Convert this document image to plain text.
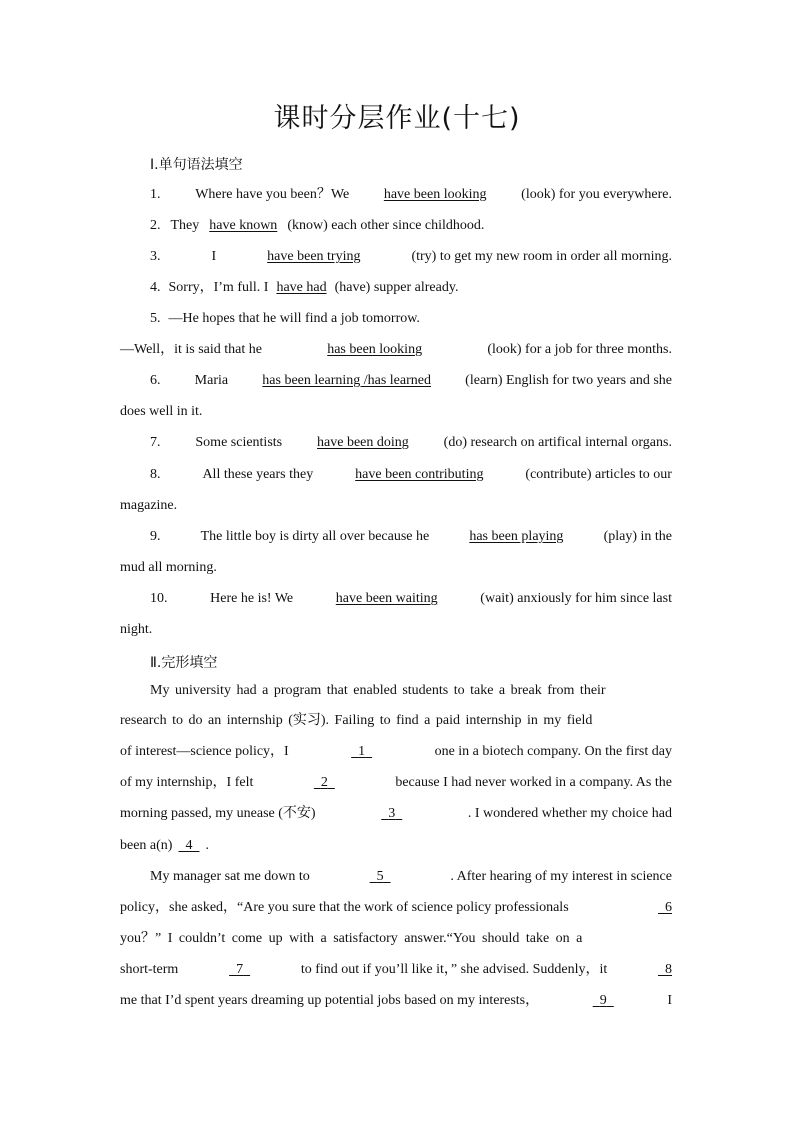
课时分层作业(十七)
Ⅰ.单句语法填空
1. Where have you been？We have been looking (look) for you everywhere.
2. They have known (know) each other since childhood.
3.	I	have been trying	(try) to get my new room in order all morning.
4. Sorry，I’m full. I have had (have) supper already.
5. —He hopes that he will find a job tomorrow.
—Well，it is said that he	has been looking	(look) for a job for three months.
6. Maria has been learning /has learned (learn) English for two years and she
does well in it.
7. Some scientists have been doing (do) research on artifical internal organs.
8.	All these years they	have been contributing	(contribute) articles to our
magazine.
9.	The little boy is dirty all over because he	has been playing	(play) in the
mud all morning.
10.	Here he is! We	have been waiting	(wait) anxiously for him since last
night.
Ⅱ.完形填空
My university had a program that enabled students to take a break from their
research to do an internship (实习). Failing to find a paid internship in my field
of interest—science policy，I	1	one in a biotech company. On the first day
of my internship，I felt	2	because I had never worked in a company. As the
morning passed, my unease (不安)	3	. I wondered whether my choice had
been a(n) 4 .
My manager sat me down to	5	. After hearing of my interest in science
policy，she asked，“Are you sure that the work of science policy professionals	6
you？” I couldn’t come up with a satisfactory answer.“You should take on a
short-term	7	to find out if you’ll like it，” she advised. Suddenly，it	8
me that I’d spent years dreaming up potential jobs based on my interests，	9	I
